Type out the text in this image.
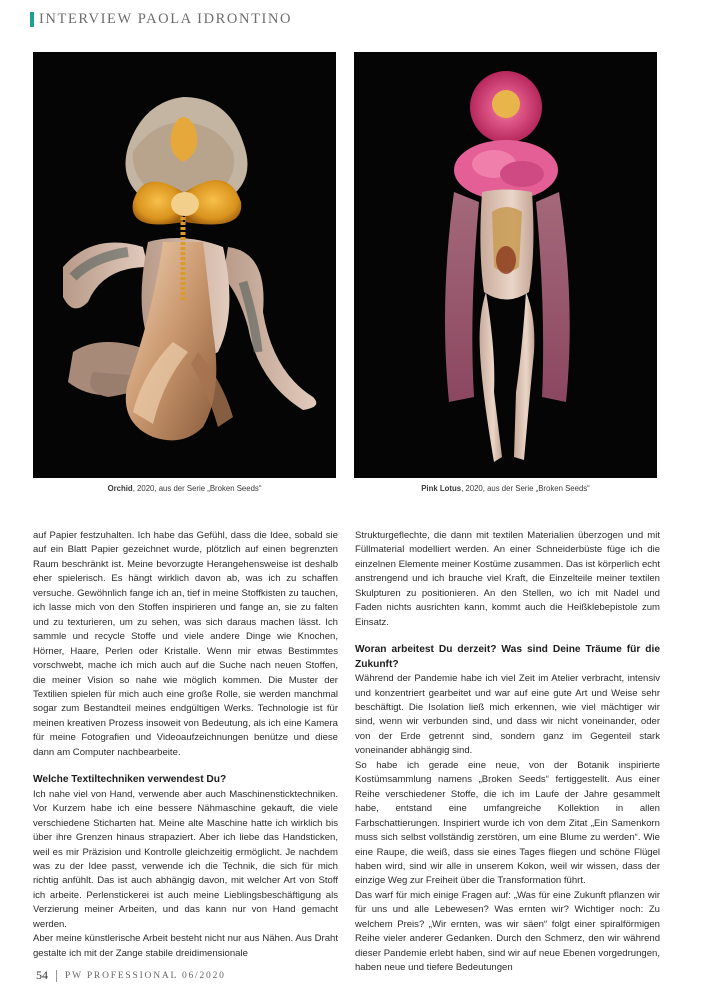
INTERVIEW PAOLA IDRONTINO
Orchid, 2020, aus der Serie „Broken Seeds“	Pink Lotus, 2020, aus der Serie „Broken Seeds“

auf Papier festzuhalten. Ich habe das Gefühl, dass die Idee, sobald sie auf ein Blatt Papier gezeichnet wurde, plötzlich auf einen begrenzten Raum beschränkt ist. Meine bevorzugte Herangehensweise ist deshalb eher spielerisch. Es hängt wirklich davon ab, was ich zu schaffen versuche. Gewöhnlich fange ich an, tief in meine Stoffkisten zu tauchen, ich lasse mich von den Stoffen inspirieren und fange an, sie zu falten und zu texturieren, um zu sehen, was sich daraus machen lässt. Ich sammle und recycle Stoffe und viele andere Dinge wie Knochen, Hörner, Haare, Perlen oder Kristalle. Wenn mir etwas Bestimmtes vorschwebt, mache ich mich auch auf die Suche nach neuen Stoffen, die meiner Vision so nahe wie möglich kommen. Die Muster der Textilien spielen für mich auch eine große Rolle, sie werden manchmal sogar zum Bestandteil meines endgültigen Werks. Technologie ist für meinen kreativen Prozess insoweit von Bedeutung, als ich eine Kamera für meine Fotografien und Videoaufzeichnungen benütze und diese dann am Computer nachbearbeite.

Welche Textiltechniken verwendest Du?

Ich nahe viel von Hand, verwende aber auch Maschinensticktechniken. Vor Kurzem habe ich eine bessere Nähmaschine gekauft, die viele verschiedene Sticharten hat. Meine alte Maschine hatte ich wirklich bis über ihre Grenzen hinaus strapaziert. Aber ich liebe das Handsticken, weil es mir Präzision und Kontrolle gleichzeitig ermöglicht. Je nachdem was zu der Idee passt, verwende ich die Technik, die sich für mich richtig anfühlt. Das ist auch abhängig davon, mit welcher Art von Stoff ich arbeite. Perlenstickerei ist auch meine Lieblingsbeschäftigung als Verzierung meiner Arbeiten, und das kann nur von Hand gemacht werden.

Aber meine künstlerische Arbeit besteht nicht nur aus Nähen. Aus Draht gestalte ich mit der Zange stabile dreidimensionale

Strukturgeflechte, die dann mit textilen Materialien überzogen und mit Füllmaterial modelliert werden. An einer Schneiderbüste füge ich die einzelnen Elemente meiner Kostüme zusammen. Das ist körperlich echt anstrengend und ich brauche viel Kraft, die Einzelteile meiner textilen Skulpturen zu positionieren. An den Stellen, wo ich mit Nadel und Faden nichts ausrichten kann, kommt auch die Heißklebepistole zum Einsatz.

Woran arbeitest Du derzeit? Was sind Deine Träume für die Zukunft?

Während der Pandemie habe ich viel Zeit im Atelier verbracht, intensiv und konzentriert gearbeitet und war auf eine gute Art und Weise sehr beschäftigt. Die Isolation ließ mich erkennen, wie viel mächtiger wir sind, wenn wir verbunden sind, und dass wir nicht voneinander, oder von der Erde getrennt sind, sondern ganz im Gegenteil stark voneinander abhängig sind.

So habe ich gerade eine neue, von der Botanik inspirierte Kostümsammlung namens „Broken Seeds“ fertiggestellt. Aus einer Reihe verschiedener Stoffe, die ich im Laufe der Jahre gesammelt habe, entstand eine umfangreiche Kollektion in allen Farbschattierungen. Inspiriert wurde ich von dem Zitat „Ein Samenkorn muss sich selbst vollständig zerstören, um eine Blume zu werden“. Wie eine Raupe, die weiß, dass sie eines Tages fliegen und schöne Flügel haben wird, sind wir alle in unserem Kokon, weil wir wissen, dass der einzige Weg zur Freiheit über die Transformation führt.

Das warf für mich einige Fragen auf: „Was für eine Zukunft pflanzen wir für uns und alle Lebewesen? Was ernten wir? Wichtiger noch: Zu welchem Preis? „Wir ernten, was wir säen“ folgt einer spiralförmigen Reihe vieler anderer Gedanken. Durch den Schmerz, den wir während dieser Pandemie erlebt haben, sind wir auf neue Ebenen vorgedrungen, haben neue und tiefere Bedeutungen

54 PW PROFESSIONAL 06/2020
